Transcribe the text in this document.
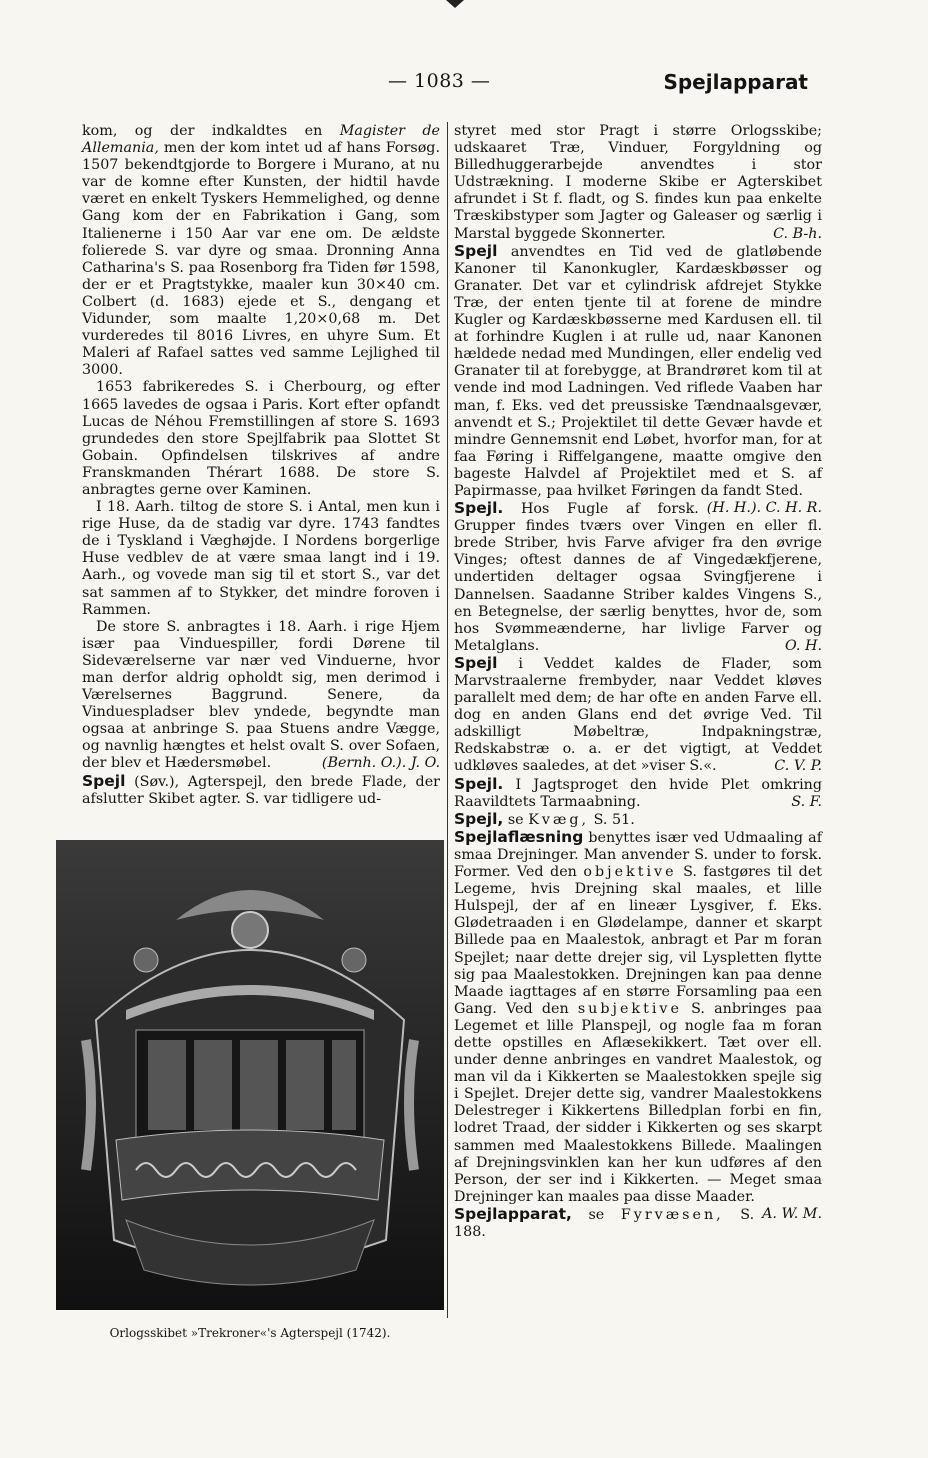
— 1083 —	Spejlapparat

kom, og der indkaldtes en Magister de Allemania, men der kom intet ud af hans Forsøg. 1507 bekendtgjorde to Borgere i Murano, at nu var de komne efter Kunsten, der hidtil havde været en enkelt Tyskers Hemmelighed, og denne Gang kom der en Fabrikation i Gang, som Italienerne i 150 Aar var ene om. De ældste folierede S. var dyre og smaa. Dronning Anna Catharina's S. paa Rosenborg fra Tiden før 1598, der er et Pragtstykke, maaler kun 30×40 cm. Colbert (d. 1683) ejede et S., dengang et Vidunder, som maalte 1,20×0,68 m. Det vurderedes til 8016 Livres, en uhyre Sum. Et Maleri af Rafael sattes ved samme Lejlighed til 3000.

1653 fabrikeredes S. i Cherbourg, og efter 1665 lavedes de ogsaa i Paris. Kort efter opfandt Lucas de Néhou Fremstillingen af store S. 1693 grundedes den store Spejlfabrik paa Slottet St Gobain. Opfindelsen tilskrives af andre Franskmanden Thérart 1688. De store S. anbragtes gerne over Kaminen.

I 18. Aarh. tiltog de store S. i Antal, men kun i rige Huse, da de stadig var dyre. 1743 fandtes de i Tyskland i Væghøjde. I Nordens borgerlige Huse vedblev de at være smaa langt ind i 19. Aarh., og vovede man sig til et stort S., var det sat sammen af to Stykker, det mindre foroven i Rammen.

De store S. anbragtes i 18. Aarh. i rige Hjem især paa Vinduespiller, fordi Dørene til Sideværelserne var nær ved Vinduerne, hvor man derfor aldrig opholdt sig, men derimod i Værelsernes Baggrund. Senere, da Vinduespladser blev yndede, begyndte man ogsaa at anbringe S. paa Stuens andre Vægge, og navnlig hængtes et helst ovalt S. over Sofaen, der blev et Hædersmøbel.	(Bernh. O.). J. O.

Spejl (Søv.), Agterspejl, den brede Flade, der afslutter Skibet agter. S. var tidligere ud-

Orlogsskibet »Trekroner«'s Agterspejl (1742).

styret med stor Pragt i større Orlogsskibe; udskaaret Træ, Vinduer, Forgyldning og Billedhuggerarbejde anvendtes i stor Udstrækning. I moderne Skibe er Agterskibet afrundet i St f. fladt, og S. findes kun paa enkelte Træskibstyper som Jagter og Galeaser og særlig i Marstal byggede Skonnerter.	C. B-h.

Spejl anvendtes en Tid ved de glatløbende Kanoner til Kanonkugler, Kardæskbøsser og Granater. Det var et cylindrisk afdrejet Stykke Træ, der enten tjente til at forene de mindre Kugler og Kardæskbøsserne med Kardusen ell. til at forhindre Kuglen i at rulle ud, naar Kanonen hældede nedad med Mundingen, eller endelig ved Granater til at forebygge, at Brandrøret kom til at vende ind mod Ladningen. Ved riflede Vaaben har man, f. Eks. ved det preussiske Tændnaalsgevær, anvendt et S.; Projektilet til dette Gevær havde et mindre Gennemsnit end Løbet, hvorfor man, for at faa Føring i Riffelgangene, maatte omgive den bageste Halvdel af Projektilet med et S. af Papirmasse, paa hvilket Føringen da fandt Sted.
(H. H.). C. H. R.

Spejl. Hos Fugle af forsk. Grupper findes tværs over Vingen en eller fl. brede Striber, hvis Farve afviger fra den øvrige Vinges; oftest dannes de af Vingedækfjerene, undertiden deltager ogsaa Svingfjerene i Dannelsen. Saadanne Striber kaldes Vingens S., en Betegnelse, der særlig benyttes, hvor de, som hos Svømmeænderne, har livlige Farver og Metalglans.	O. H.

Spejl i Veddet kaldes de Flader, som Marvstraalerne frembyder, naar Veddet kløves parallelt med dem; de har ofte en anden Farve ell. dog en anden Glans end det øvrige Ved. Til adskilligt Møbeltræ, Indpakningstræ, Redskabstræ o. a. er det vigtigt, at Veddet udkløves saaledes, at det »viser S.«.	C. V. P.

Spejl. I Jagtsproget den hvide Plet omkring Raavildtets Tarmaabning.	S. F.

Spejl, se Kvæg, S. 51.

Spejlaflæsning benyttes især ved Udmaaling af smaa Drejninger. Man anvender S. under to forsk. Former. Ved den objektive S. fastgøres til det Legeme, hvis Drejning skal maales, et lille Hulspejl, der af en lineær Lysgiver, f. Eks. Glødetraaden i en Glødelampe, danner et skarpt Billede paa en Maalestok, anbragt et Par m foran Spejlet; naar dette drejer sig, vil Lyspletten flytte sig paa Maalestokken. Drejningen kan paa denne Maade iagttages af en større Forsamling paa een Gang. Ved den subjektive S. anbringes paa Legemet et lille Planspejl, og nogle faa m foran dette opstilles en Aflæsekikkert. Tæt over ell. under denne anbringes en vandret Maalestok, og man vil da i Kikkerten se Maalestokken spejle sig i Spejlet. Drejer dette sig, vandrer Maalestokkens Delestreger i Kikkertens Billedplan forbi en fin, lodret Traad, der sidder i Kikkerten og ses skarpt sammen med Maalestokkens Billede. Maalingen af Drejningsvinklen kan her kun udføres af den Person, der ser ind i Kikkerten. — Meget smaa Drejninger kan maales paa disse Maader.
A. W. M.

Spejlapparat, se Fyrvæsen, S. 188.
